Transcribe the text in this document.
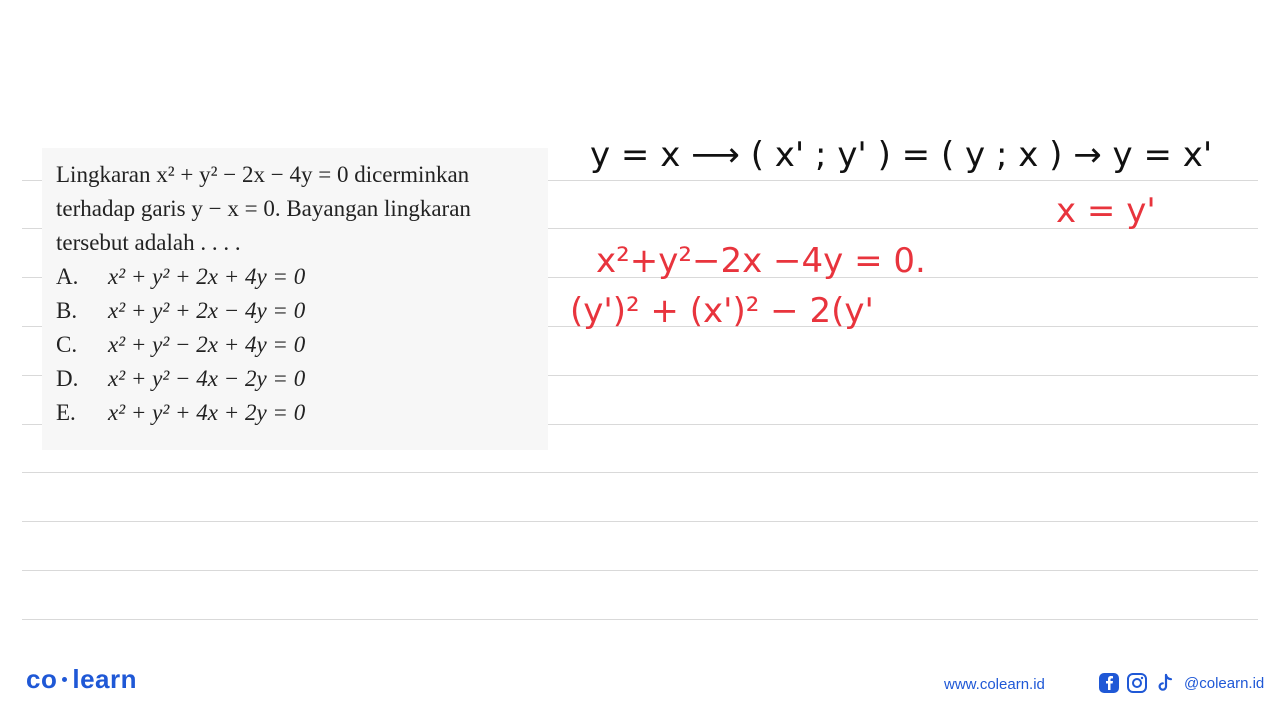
Lingkaran x² + y² − 2x − 4y = 0 dicerminkan
terhadap garis y − x = 0. Bayangan lingkaran
tersebut adalah . . . .
A. x² + y² + 2x + 4y = 0
B. x² + y² + 2x − 4y = 0
C. x² + y² − 2x + 4y = 0
D. x² + y² − 4x − 2y = 0
E. x² + y² + 4x + 2y = 0
y = x ⟶ ( x' ; y' ) = ( y ; x ) → y = x'
x = y'
x²+y²−2x −4y = 0.
(y')² + (x')² − 2(y'
co learn	www.colearn.id	@colearn.id
